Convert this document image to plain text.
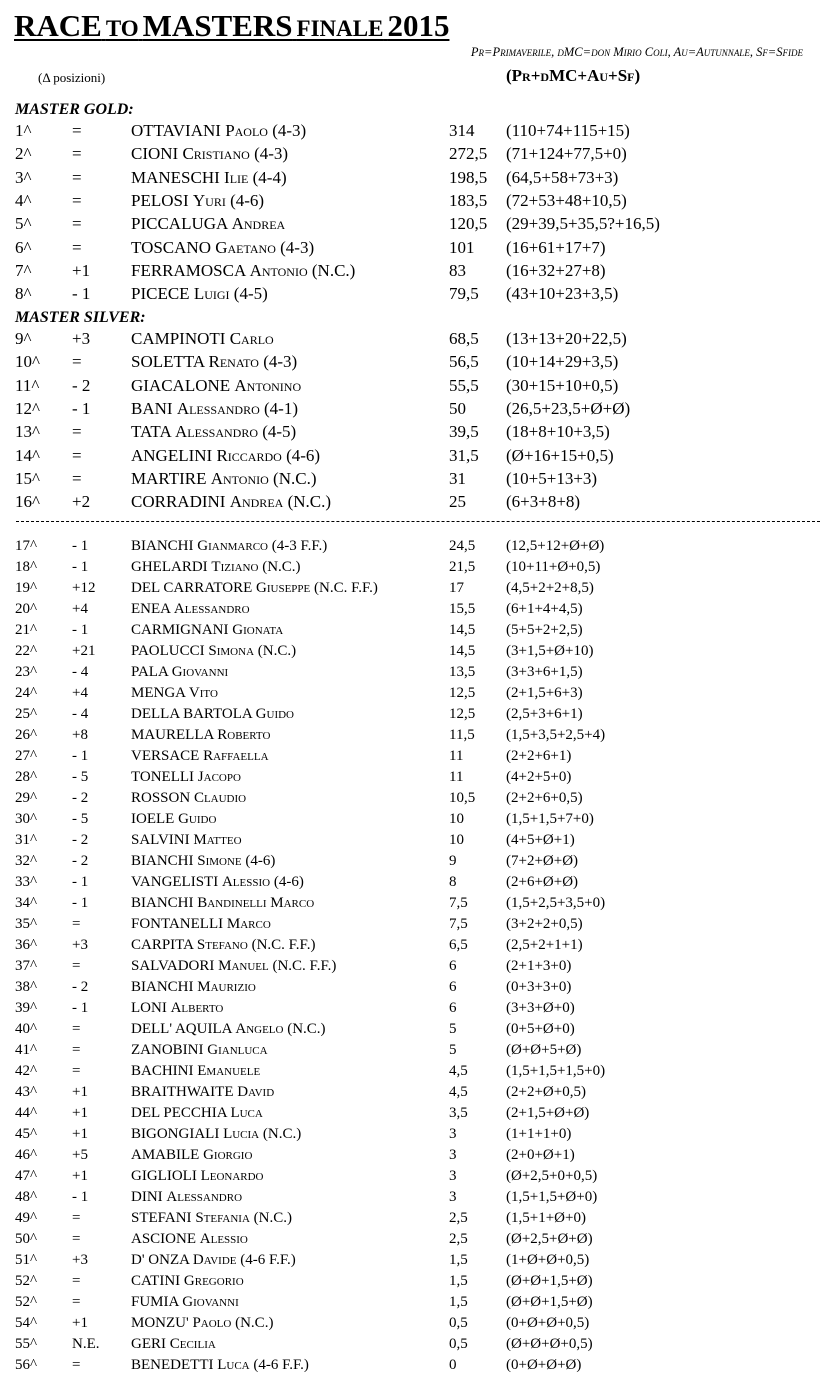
RACE TO MASTERS FINALE 2015
Pr=Primaverile, dMC=don Mirio Coli, Au=Autunnale, Sf=Sfide
(Δ posizioni)	(Pr+dMC+Au+Sf)
MASTER GOLD:
1^ =	OTTAVIANI Paolo (4-3)	314 (110+74+115+15)
2^ =	CIONI Cristiano (4-3)	272,5 (71+124+77,5+0)
3^ =	MANESCHI Ilie (4-4)	198,5 (64,5+58+73+3)
4^ =	PELOSI Yuri (4-6)	183,5 (72+53+48+10,5)
5^ =	PICCALUGA Andrea	120,5 (29+39,5+35,5?+16,5)
6^ =	TOSCANO Gaetano (4-3)	101 (16+61+17+7)
7^ +1 FERRAMOSCA Antonio (N.C.)	83 (16+32+27+8)
8^ - 1 PICECE Luigi (4-5)	79,5 (43+10+23+3,5)
MASTER SILVER:
9^ +3 CAMPINOTI Carlo	68,5 (13+13+20+22,5)
10^ =	SOLETTA Renato (4-3)	56,5 (10+14+29+3,5)
11^ - 2 GIACALONE Antonino	55,5 (30+15+10+0,5)
12^ - 1 BANI Alessandro (4-1)	50 (26,5+23,5+Ø+Ø)
13^ =	TATA Alessandro (4-5)	39,5 (18+8+10+3,5)
14^ =	ANGELINI Riccardo (4-6)	31,5 (Ø+16+15+0,5)
15^ =	MARTIRE Antonio (N.C.)	31 (10+5+13+3)
16^ +2 CORRADINI Andrea (N.C.)	25 (6+3+8+8)
17^ - 1	BIANCHI Gianmarco (4-3 F.F.)	24,5 (12,5+12+Ø+Ø)
18^ - 1	GHELARDI Tiziano (N.C.)	21,5 (10+11+Ø+0,5)
19^ +12 DEL CARRATORE Giuseppe (N.C. F.F.)	17	(4,5+2+2+8,5)
20^ +4	ENEA Alessandro	15,5 (6+1+4+4,5)
21^ - 1	CARMIGNANI Gionata	14,5 (5+5+2+2,5)
22^ +21 PAOLUCCI Simona (N.C.)	14,5 (3+1,5+Ø+10)
23^ - 4	PALA Giovanni	13,5 (3+3+6+1,5)
24^ +4	MENGA Vito	12,5 (2+1,5+6+3)
25^ - 4	DELLA BARTOLA Guido	12,5 (2,5+3+6+1)
26^ +8	MAURELLA Roberto	11,5 (1,5+3,5+2,5+4)
27^ - 1	VERSACE Raffaella	11	(2+2+6+1)
28^ - 5	TONELLI Jacopo	11	(4+2+5+0)
29^ - 2	ROSSON Claudio	10,5 (2+2+6+0,5)
30^ - 5	IOELE Guido	10	(1,5+1,5+7+0)
31^ - 2	SALVINI Matteo	10	(4+5+Ø+1)
32^ - 2	BIANCHI Simone (4-6)	9	(7+2+Ø+Ø)
33^ - 1	VANGELISTI Alessio (4-6)	8	(2+6+Ø+Ø)
34^ - 1	BIANCHI Bandinelli Marco	7,5	(1,5+2,5+3,5+0)
35^ =	FONTANELLI Marco	7,5	(3+2+2+0,5)
36^ +3	CARPITA Stefano (N.C. F.F.)	6,5	(2,5+2+1+1)
37^ =	SALVADORI Manuel (N.C. F.F.)	6	(2+1+3+0)
38^ - 2	BIANCHI Maurizio	6	(0+3+3+0)
39^ - 1	LONI Alberto	6	(3+3+Ø+0)
40^ =	DELL' AQUILA Angelo (N.C.)	5	(0+5+Ø+0)
41^ =	ZANOBINI Gianluca	5	(Ø+Ø+5+Ø)
42^ =	BACHINI Emanuele	4,5	(1,5+1,5+1,5+0)
43^ +1	BRAITHWAITE David	4,5	(2+2+Ø+0,5)
44^ +1	DEL PECCHIA Luca	3,5	(2+1,5+Ø+Ø)
45^ +1	BIGONGIALI Lucia (N.C.)	3	(1+1+1+0)
46^ +5	AMABILE Giorgio	3	(2+0+Ø+1)
47^ +1	GIGLIOLI Leonardo	3	(Ø+2,5+0+0,5)
48^ - 1	DINI Alessandro	3	(1,5+1,5+Ø+0)
49^ =	STEFANI Stefania (N.C.)	2,5	(1,5+1+Ø+0)
50^ =	ASCIONE Alessio	2,5	(Ø+2,5+Ø+Ø)
51^ +3	D' ONZA Davide (4-6 F.F.)	1,5	(1+Ø+Ø+0,5)
52^ =	CATINI Gregorio	1,5	(Ø+Ø+1,5+Ø)
52^ =	FUMIA Giovanni	1,5	(Ø+Ø+1,5+Ø)
54^ +1	MONZU' Paolo (N.C.)	0,5	(0+Ø+Ø+0,5)
55^ N.E. GERI Cecilia	0,5	(Ø+Ø+Ø+0,5)
56^ =	BENEDETTI Luca (4-6 F.F.)	0	(0+Ø+Ø+Ø)
